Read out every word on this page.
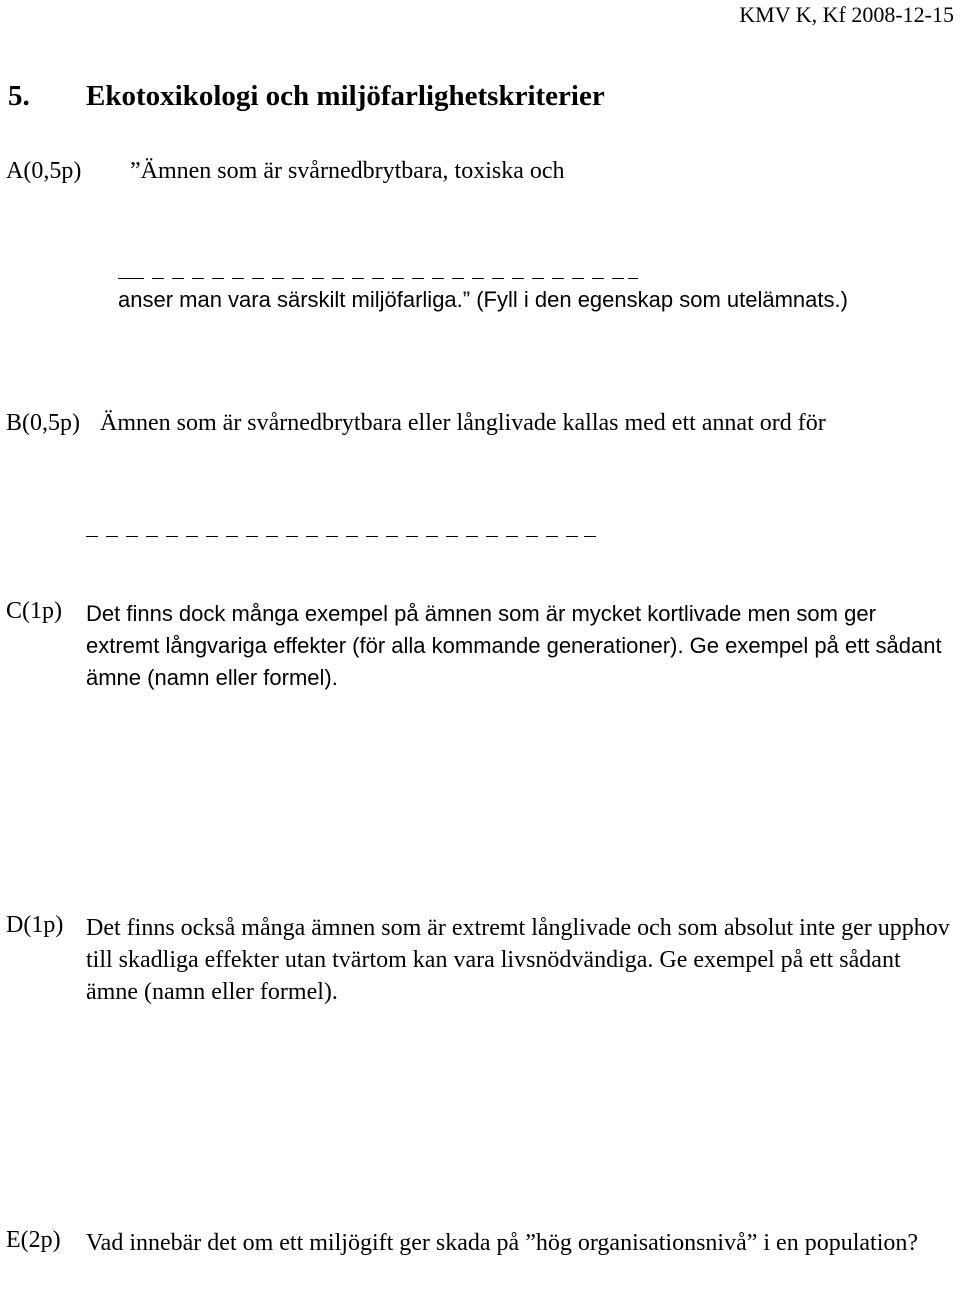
KMV K, Kf 2008-12-15
5. Ekotoxikologi och miljöfarlighetskriterier
A(0,5p) ”Ämnen som är svårnedbrytbara, toxiska och
anser man vara särskilt miljöfarliga.” (Fyll i den egenskap som utelämnats.)
B(0,5p) Ämnen som är svårnedbrytbara eller långlivade kallas med ett annat ord för
C(1p) Det finns dock många exempel på ämnen som är mycket kortlivade men som ger extremt långvariga effekter (för alla kommande generationer). Ge exempel på ett sådant ämne (namn eller formel).
D(1p) Det finns också många ämnen som är extremt långlivade och som absolut inte ger upphov till skadliga effekter utan tvärtom kan vara livsnödvändiga. Ge exempel på ett sådant ämne (namn eller formel).
E(2p) Vad innebär det om ett miljögift ger skada på ”hög organisationsnivå” i en population?
